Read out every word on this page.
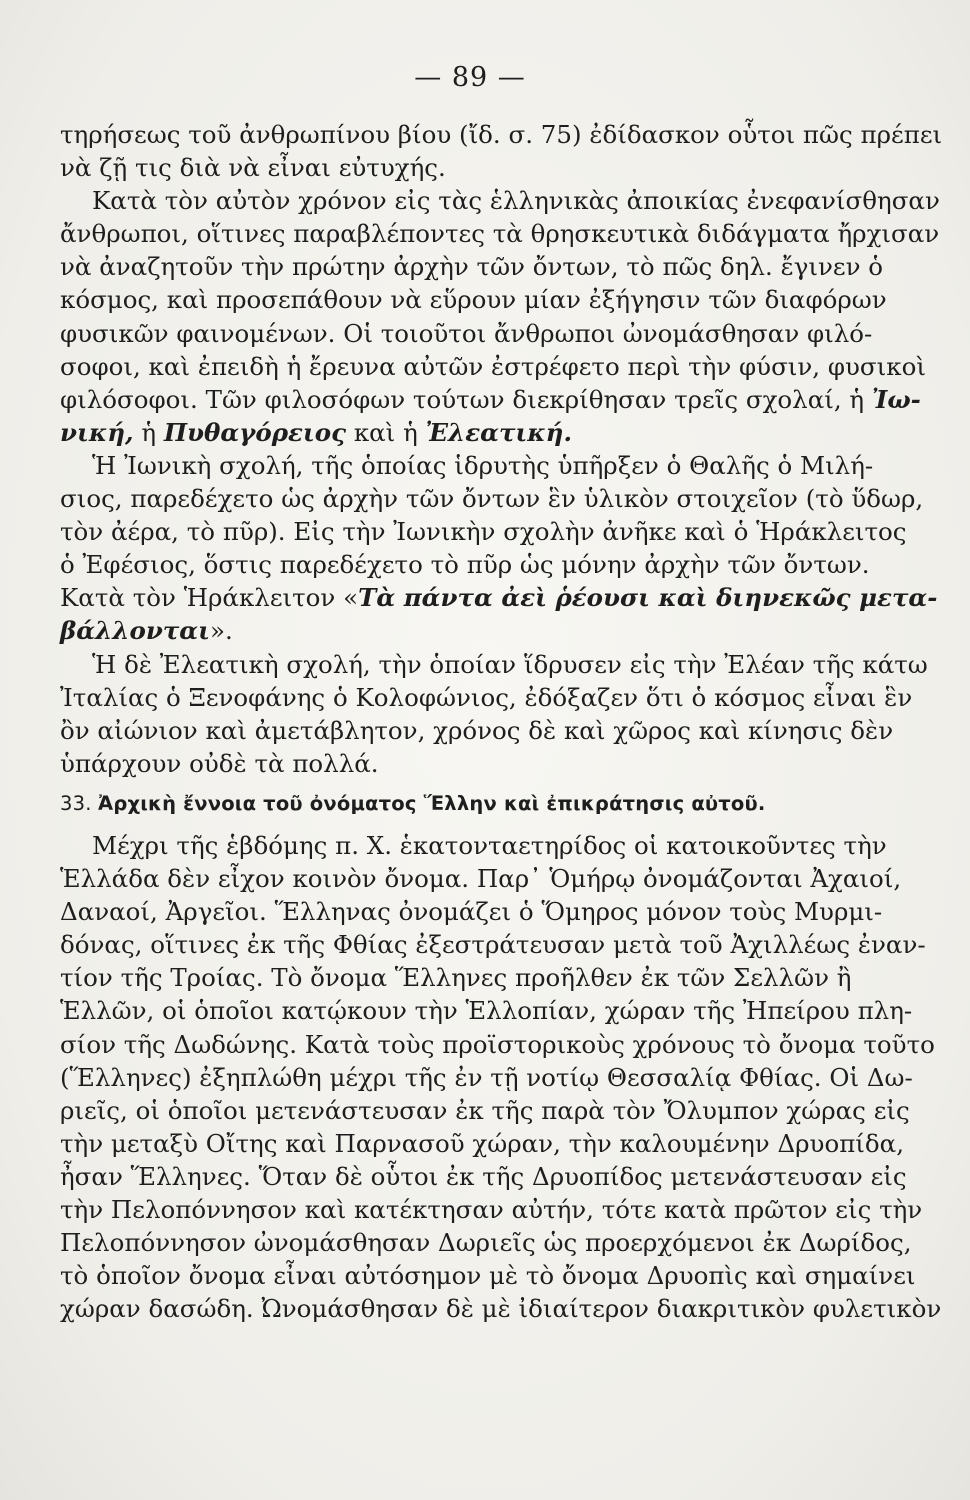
— 89 —
τηρήσεως τοῦ ἀνθρωπίνου βίου (ἴδ. σ. 75) ἐδίδασκον οὗτοι πῶς πρέπει
νὰ ζῇ τις διὰ νὰ εἶναι εὐτυχής.
Κατὰ τὸν αὐτὸν χρόνον εἰς τὰς ἑλληνικὰς ἀποικίας ἐνεφανίσθησαν
ἄνθρωποι, οἵτινες παραβλέποντες τὰ θρησκευτικὰ διδάγματα ἤρχισαν
νὰ ἀναζητοῦν τὴν πρώτην ἀρχὴν τῶν ὄντων, τὸ πῶς δηλ. ἔγινεν ὁ
κόσμος, καὶ προσεπάθουν νὰ εὕρουν μίαν ἐξήγησιν τῶν διαφόρων
φυσικῶν φαινομένων. Οἱ τοιοῦτοι ἄνθρωποι ὠνομάσθησαν φιλό-
σοφοι, καὶ ἐπειδὴ ἡ ἔρευνα αὐτῶν ἐστρέφετο περὶ τὴν φύσιν, φυσικοὶ
φιλόσοφοι. Τῶν φιλοσόφων τούτων διεκρίθησαν τρεῖς σχολαί, ἡ Ἰω-
νική, ἡ Πυθαγόρειος καὶ ἡ Ἐλεατική.
Ἡ Ἰωνικὴ σχολή, τῆς ὁποίας ἱδρυτὴς ὑπῆρξεν ὁ Θαλῆς ὁ Μιλή-
σιος, παρεδέχετο ὡς ἀρχὴν τῶν ὄντων ἓν ὑλικὸν στοιχεῖον (τὸ ὕδωρ,
τὸν ἀέρα, τὸ πῦρ). Εἰς τὴν Ἰωνικὴν σχολὴν ἀνῆκε καὶ ὁ Ἡράκλειτος
ὁ Ἐφέσιος, ὅστις παρεδέχετο τὸ πῦρ ὡς μόνην ἀρχὴν τῶν ὄντων.
Κατὰ τὸν Ἡράκλειτον «Τὰ πάντα ἀεὶ ῥέουσι καὶ διηνεκῶς μετα-
βάλλονται».
Ἡ δὲ Ἐλεατικὴ σχολή, τὴν ὁποίαν ἵδρυσεν εἰς τὴν Ἐλέαν τῆς κάτω
Ἰταλίας ὁ Ξενοφάνης ὁ Κολοφώνιος, ἐδόξαζεν ὅτι ὁ κόσμος εἶναι ἓν
ὂν αἰώνιον καὶ ἀμετάβλητον, χρόνος δὲ καὶ χῶρος καὶ κίνησις δὲν
ὑπάρχουν οὐδὲ τὰ πολλά.
33. Ἀρχικὴ ἔννοια τοῦ ὀνόματος Ἕλλην καὶ ἐπικράτησις αὐτοῦ.
Μέχρι τῆς ἑβδόμης π. Χ. ἑκατονταετηρίδος οἱ κατοικοῦντες τὴν
Ἑλλάδα δὲν εἶχον κοινὸν ὄνομα. Παρ᾽ Ὁμήρῳ ὀνομάζονται Ἀχαιοί,
Δαναοί, Ἀργεῖοι. Ἕλληνας ὀνομάζει ὁ Ὅμηρος μόνον τοὺς Μυρμι-
δόνας, οἵτινες ἐκ τῆς Φθίας ἐξεστράτευσαν μετὰ τοῦ Ἀχιλλέως ἐναν-
τίον τῆς Τροίας. Τὸ ὄνομα Ἕλληνες προῆλθεν ἐκ τῶν Σελλῶν ἢ
Ἑλλῶν, οἱ ὁποῖοι κατῴκουν τὴν Ἑλλοπίαν, χώραν τῆς Ἠπείρου πλη-
σίον τῆς Δωδώνης. Κατὰ τοὺς προϊστορικοὺς χρόνους τὸ ὄνομα τοῦτο
(Ἕλληνες) ἐξηπλώθη μέχρι τῆς ἐν τῇ νοτίῳ Θεσσαλίᾳ Φθίας. Οἱ Δω-
ριεῖς, οἱ ὁποῖοι μετενάστευσαν ἐκ τῆς παρὰ τὸν Ὄλυμπον χώρας εἰς
τὴν μεταξὺ Οἴτης καὶ Παρνασοῦ χώραν, τὴν καλουμένην Δρυοπίδα,
ἦσαν Ἕλληνες. Ὅταν δὲ οὗτοι ἐκ τῆς Δρυοπίδος μετενάστευσαν εἰς
τὴν Πελοπόννησον καὶ κατέκτησαν αὐτήν, τότε κατὰ πρῶτον εἰς τὴν
Πελοπόννησον ὠνομάσθησαν Δωριεῖς ὡς προερχόμενοι ἐκ Δωρίδος,
τὸ ὁποῖον ὄνομα εἶναι αὐτόσημον μὲ τὸ ὄνομα Δρυοπὶς καὶ σημαίνει
χώραν δασώδη. Ὠνομάσθησαν δὲ μὲ ἰδιαίτερον διακριτικὸν φυλετικὸν
